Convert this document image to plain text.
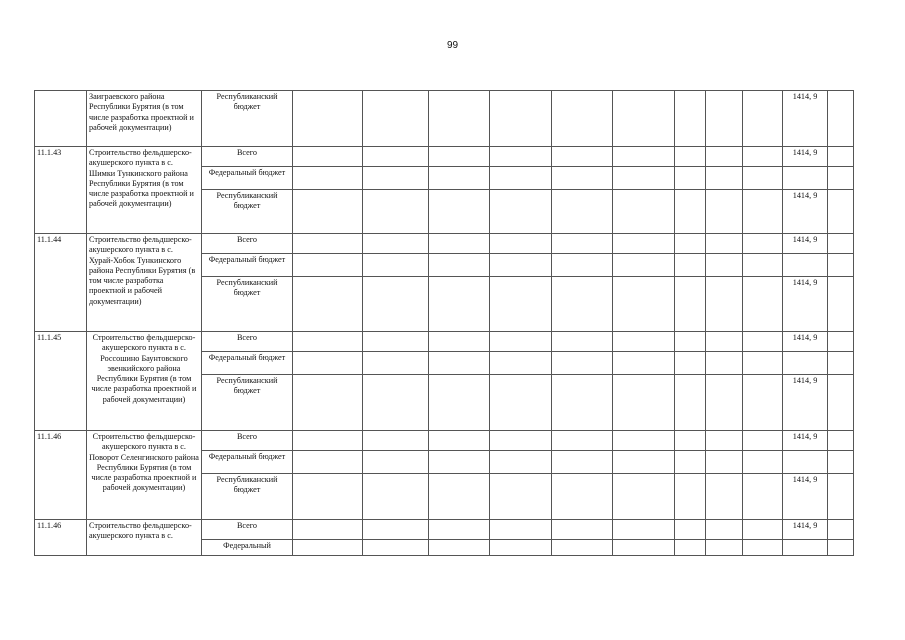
99
	Заиграевского района Республики Бурятия (в том числе разработка проектной и рабочей документации)	Республиканский бюджет										1414, 9		
11.1.43	Строительство фельдшерско-акушерского пункта в с. Шимки Тункинского района Республики Бурятия (в том числе разработка проектной и рабочей документации)	Всего										1414, 9		
		Федеральный бюджет												
		Республиканский бюджет										1414, 9		
11.1.44	Строительство фельдшерско-акушерского пункта в с. Хурай-Хобок Тункинского района Республики Бурятия (в том числе разработка проектной и рабочей документации)	Всего										1414, 9		
		Федеральный бюджет												
		Республиканский бюджет										1414, 9		
11.1.45	Строительство фельдшерско-акушерского пункта в с. Россошино Баунтовского эвенкийского района Республики Бурятия (в том числе разработка проектной и рабочей документации)	Всего										1414, 9		
		Федеральный бюджет												
		Республиканский бюджет										1414, 9		
11.1.46	Строительство фельдшерско-акушерского пункта в с. Поворот Селенгинского района Республики Бурятия (в том числе разработка проектной и рабочей документации)	Всего										1414, 9		
		Федеральный бюджет												
		Республиканский бюджет										1414, 9		
11.1.46	Строительство фельдшерско-акушерского пункта в с.	Всего										1414, 9		
		Федеральный												
